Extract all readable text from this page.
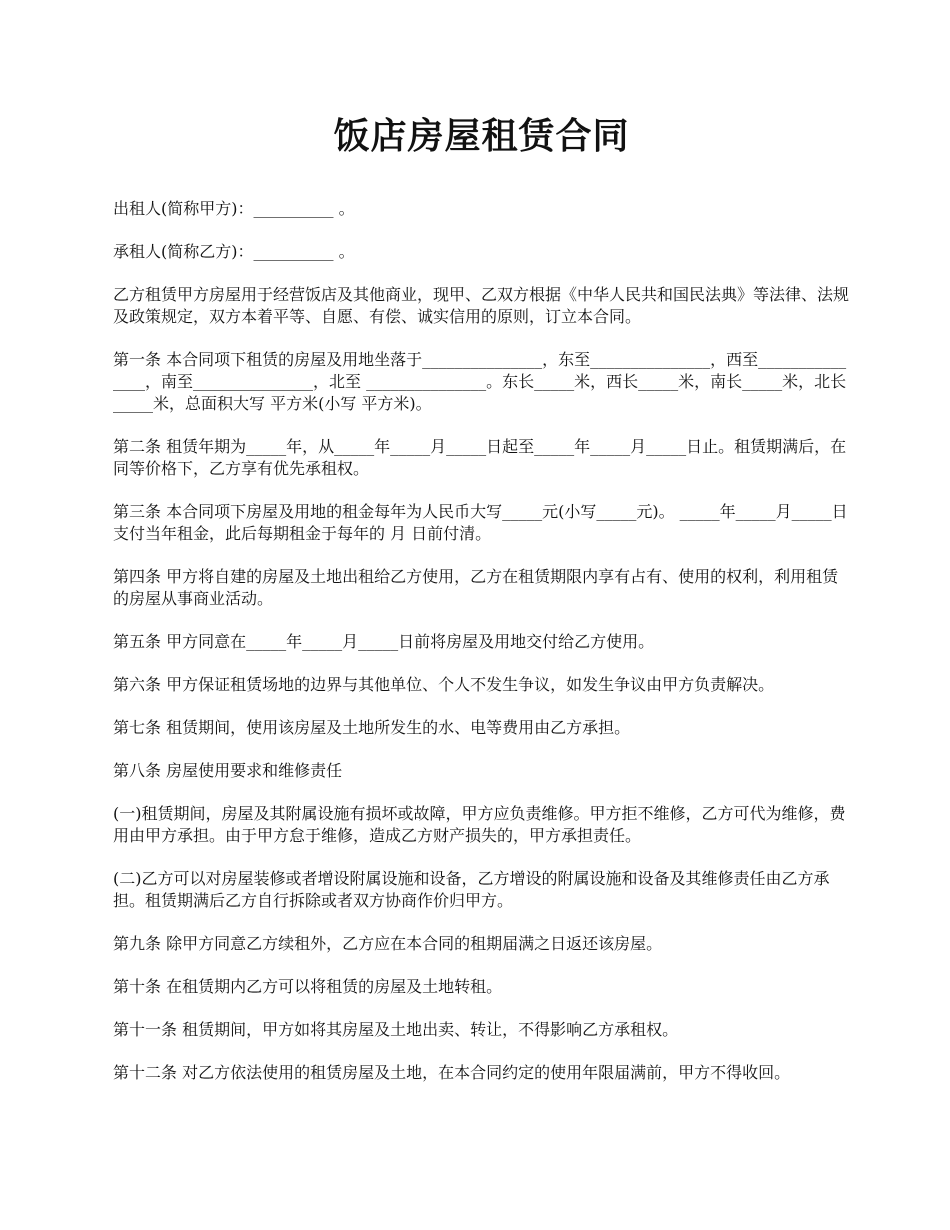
饭店房屋租赁合同

出租人(简称甲方)：__________ 。

承租人(简称乙方)：__________ 。

乙方租赁甲方房屋用于经营饭店及其他商业，现甲、乙双方根据《中华人民共和国民法典》等法律、法规及政策规定，双方本着平等、自愿、有偿、诚实信用的原则，订立本合同。

第一条 本合同项下租赁的房屋及用地坐落于_______________，东至_______________，西至_______________，南至_______________，北至 _______________。东长_____米，西长_____米，南长_____米，北长_____米，总面积大写 平方米(小写 平方米)。

第二条 租赁年期为_____年，从_____年_____月_____日起至_____年_____月_____日止。租赁期满后，在同等价格下，乙方享有优先承租权。

第三条 本合同项下房屋及用地的租金每年为人民币大写_____元(小写_____元)。 _____年_____月_____日支付当年租金，此后每期租金于每年的 月 日前付清。

第四条 甲方将自建的房屋及土地出租给乙方使用，乙方在租赁期限内享有占有、使用的权利，利用租赁的房屋从事商业活动。

第五条 甲方同意在_____年_____月_____日前将房屋及用地交付给乙方使用。

第六条 甲方保证租赁场地的边界与其他单位、个人不发生争议，如发生争议由甲方负责解决。

第七条 租赁期间，使用该房屋及土地所发生的水、电等费用由乙方承担。

第八条 房屋使用要求和维修责任

(一)租赁期间，房屋及其附属设施有损坏或故障，甲方应负责维修。甲方拒不维修，乙方可代为维修，费用由甲方承担。由于甲方怠于维修，造成乙方财产损失的，甲方承担责任。

(二)乙方可以对房屋装修或者增设附属设施和设备，乙方增设的附属设施和设备及其维修责任由乙方承担。租赁期满后乙方自行拆除或者双方协商作价归甲方。

第九条 除甲方同意乙方续租外，乙方应在本合同的租期届满之日返还该房屋。

第十条 在租赁期内乙方可以将租赁的房屋及土地转租。

第十一条 租赁期间，甲方如将其房屋及土地出卖、转让，不得影响乙方承租权。

第十二条 对乙方依法使用的租赁房屋及土地，在本合同约定的使用年限届满前，甲方不得收回。
